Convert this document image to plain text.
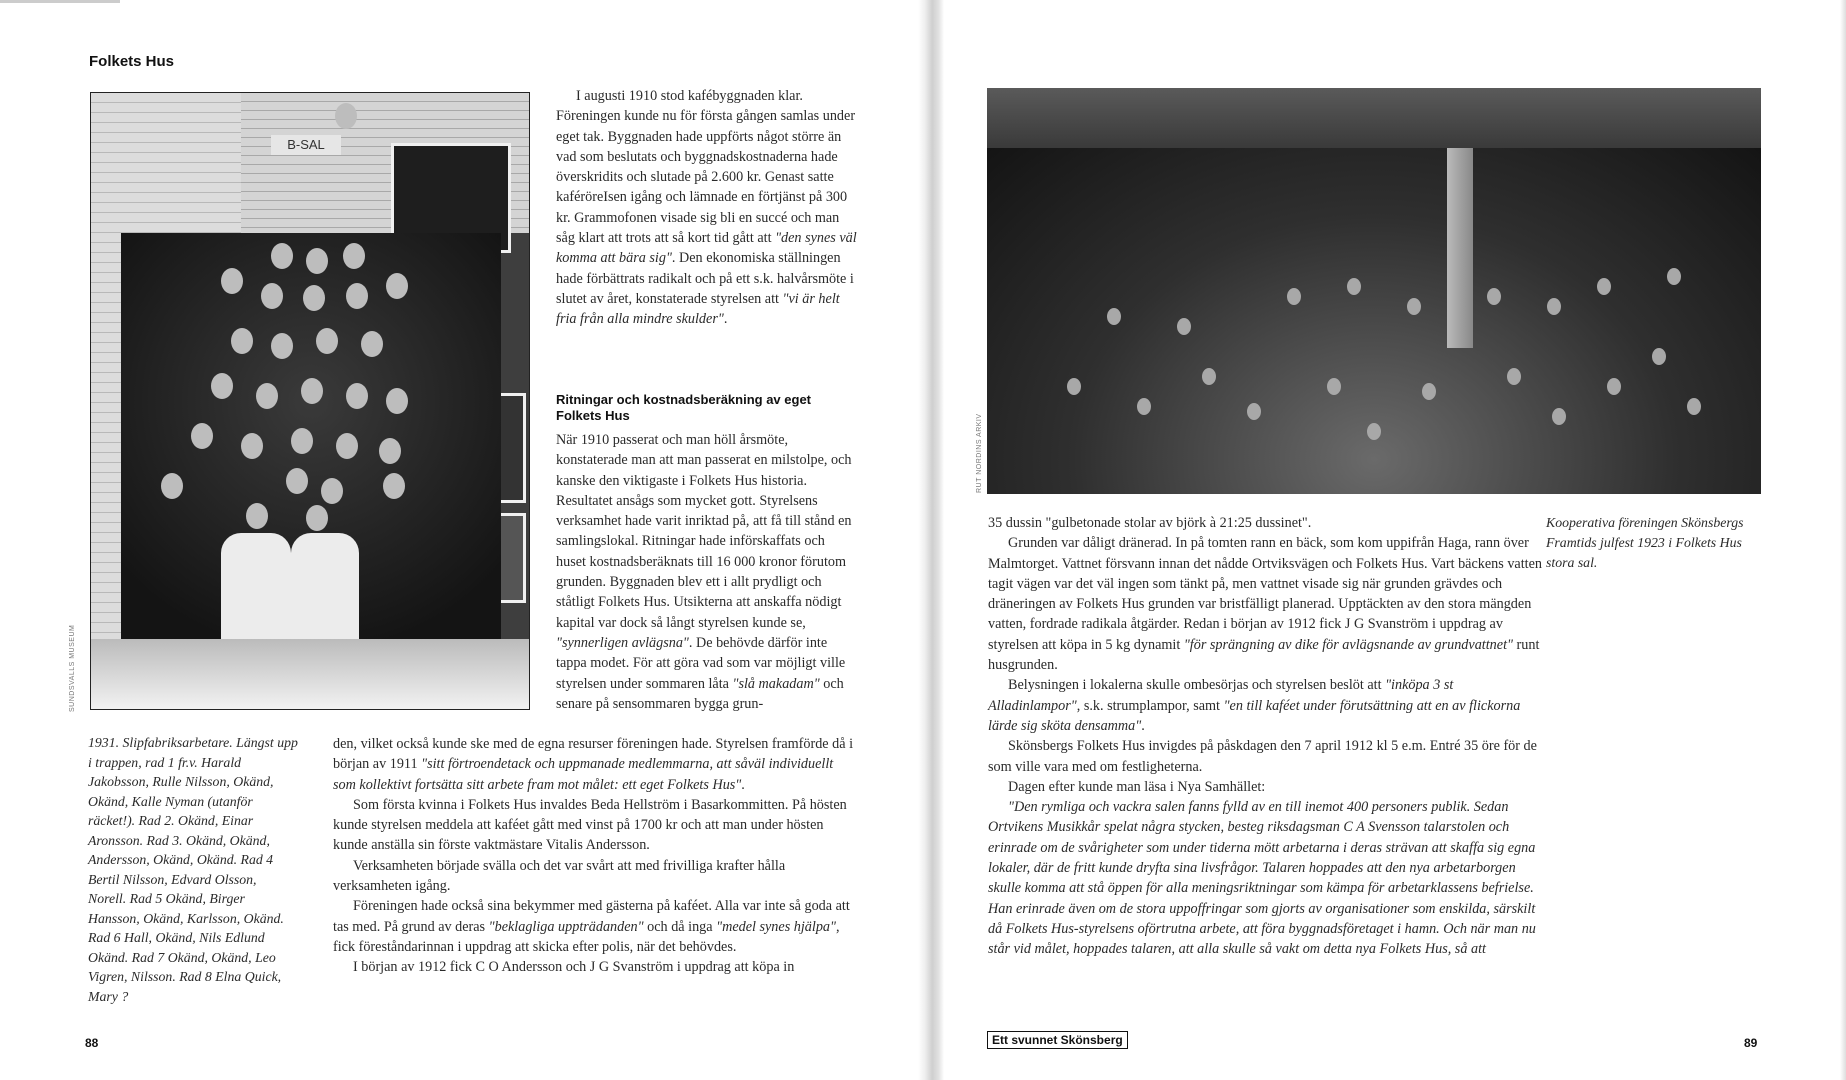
Folkets Hus
B-SAL
SUNDSVALLS MUSEUM

I augusti 1910 stod kafébyggnaden klar. Föreningen kunde nu för första gången samlas under eget tak. Byggnaden hade uppförts något större än vad som beslutats och byggnadskostnaderna hade överskridits och slutade på 2.600 kr. Genast satte kaféröreIsen igång och lämnade en förtjänst på 300 kr. Grammofonen visade sig bli en succé och man såg klart att trots att så kort tid gått att "den synes väl komma att bära sig". Den ekonomiska ställningen hade förbättrats radikalt och på ett s.k. halvårsmöte i slutet av året, konstaterade styrelsen att "vi är helt fria från alla mindre skulder".

Ritningar och kostnadsberäkning av eget Folkets Hus

När 1910 passerat och man höll årsmöte, konstaterade man att man passerat en milstolpe, och kanske den viktigaste i Folkets Hus historia. Resultatet ansågs som mycket gott. Styrelsens verksamhet hade varit inriktad på, att få till stånd en samlingslokal. Ritningar hade införskaffats och huset kostnadsberäknats till 16 000 kronor förutom grunden. Byggnaden blev ett i allt prydligt och ståtligt Folkets Hus. Utsikterna att anskaffa nödigt kapital var dock så långt styrelsen kunde se, "synnerligen avlägsna". De behövde därför inte tappa modet. För att göra vad som var möjligt ville styrelsen under sommaren låta "slå makadam" och senare på sensommaren bygga grun-

1931. Slipfabriksarbetare. Längst upp i trappen, rad 1 fr.v. Harald Jakobsson, Rulle Nilsson, Okänd, Okänd, Kalle Nyman (utanför räcket!). Rad 2. Okänd, Einar Aronsson. Rad 3. Okänd, Okänd, Andersson, Okänd, Okänd. Rad 4 Bertil Nilsson, Edvard Olsson, Norell. Rad 5 Okänd, Birger Hansson, Okänd, Karlsson, Okänd. Rad 6 Hall, Okänd, Nils Edlund Okänd. Rad 7 Okänd, Okänd, Leo Vigren, Nilsson. Rad 8 Elna Quick, Mary ?

den, vilket också kunde ske med de egna resurser föreningen hade. Styrelsen framförde då i början av 1911 "sitt förtroendetack och uppmanade medlemmarna, att såväl individuellt som kollektivt fortsätta sitt arbete fram mot målet: ett eget Folkets Hus".

Som första kvinna i Folkets Hus invaldes Beda Hellström i Basarkommitten. På hösten kunde styrelsen meddela att kaféet gått med vinst på 1700 kr och att man under hösten kunde anställa sin förste vaktmästare Vitalis Andersson.

Verksamheten började svälla och det var svårt att med frivilliga krafter hålla verksamheten igång.

Föreningen hade också sina bekymmer med gästerna på kaféet. Alla var inte så goda att tas med. På grund av deras "beklagliga uppträdanden" och då inga "medel synes hjälpa", fick föreståndarinnan i uppdrag att skicka efter polis, när det behövdes.

I början av 1912 fick C O Andersson och J G Svanström i uppdrag att köpa in

88
RUT NORDINS ARKIV

35 dussin "gulbetonade stolar av björk à 21:25 dussinet".

Grunden var dåligt dränerad. In på tomten rann en bäck, som kom uppifrån Haga, rann över Malmtorget. Vattnet försvann innan det nådde Ortviksvägen och Folkets Hus. Vart bäckens vatten tagit vägen var det väl ingen som tänkt på, men vattnet visade sig när grunden grävdes och dräneringen av Folkets Hus grunden var bristfälligt planerad. Upptäckten av den stora mängden vatten, fordrade radikala åtgärder. Redan i början av 1912 fick J G Svanström i uppdrag av styrelsen att köpa in 5 kg dynamit "för sprängning av dike för avlägsnande av grundvattnet" runt husgrunden.

Belysningen i lokalerna skulle ombesörjas och styrelsen beslöt att "inköpa 3 st Alladinlampor", s.k. strumplampor, samt "en till kaféet under förutsättning att en av flickorna lärde sig sköta densamma".

Skönsbergs Folkets Hus invigdes på påskdagen den 7 april 1912 kl 5 e.m. Entré 35 öre för de som ville vara med om festligheterna.

Dagen efter kunde man läsa i Nya Samhället:

"Den rymliga och vackra salen fanns fylld av en till inemot 400 personers publik. Sedan Ortvikens Musikkår spelat några stycken, besteg riksdagsman C A Svensson talarstolen och erinrade om de svårigheter som under tiderna mött arbetarna i deras strävan att skaffa sig egna lokaler, där de fritt kunde dryfta sina livsfrågor. Talaren hoppades att den nya arbetarborgen skulle komma att stå öppen för alla meningsriktningar som kämpa för arbetarklassens befrielse. Han erinrade även om de stora uppoffringar som gjorts av organisationer som enskilda, särskilt då Folkets Hus-styrelsens oförtrutna arbete, att föra byggnadsföretaget i hamn. Och när man nu står vid målet, hoppades talaren, att alla skulle så vakt om detta nya Folkets Hus, så att

Kooperativa föreningen Skönsbergs Framtids julfest 1923 i Folkets Hus stora sal.
Ett svunnet Skönsberg	89
